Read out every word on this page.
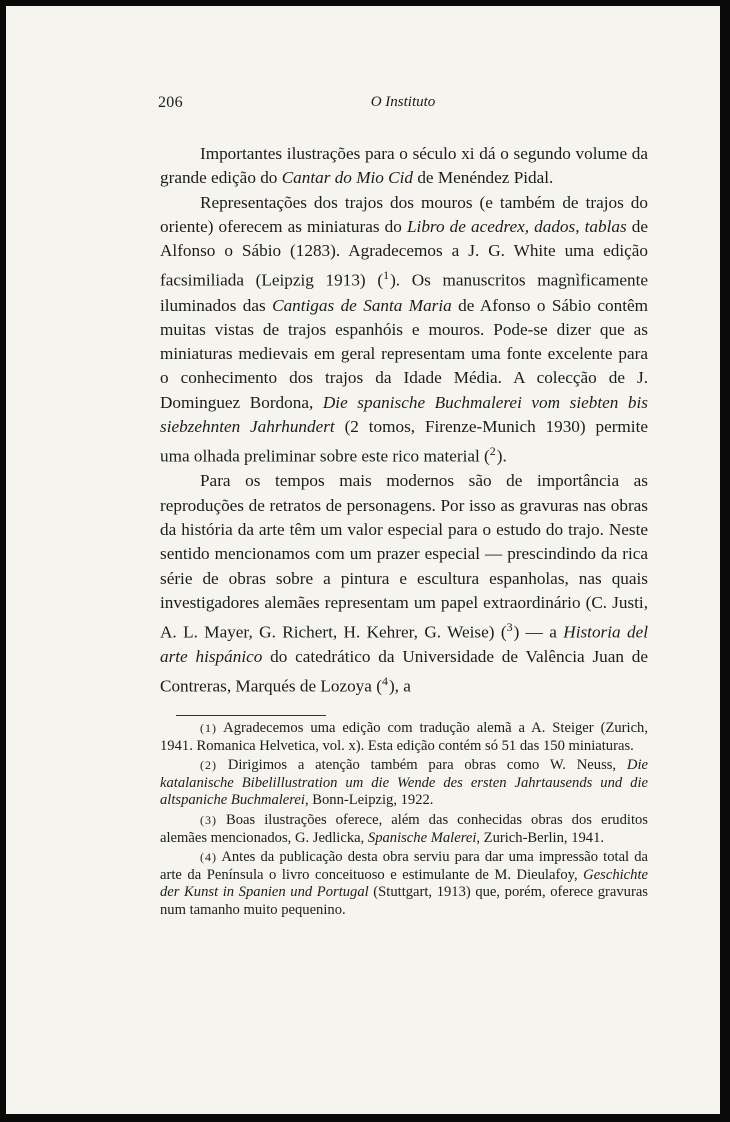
206	O Instituto

Importantes ilustrações para o século xi dá o segundo volume da grande edição do Cantar do Mio Cid de Menéndez Pidal.

Representações dos trajos dos mouros (e também de trajos do oriente) oferecem as miniaturas do Libro de acedrex, dados, tablas de Alfonso o Sábio (1283). Agradecemos a J. G. White uma edição facsimiliada (Leipzig 1913) ($^1$). Os manuscritos magnìficamente iluminados das Cantigas de Santa Maria de Afonso o Sábio contêm muitas vistas de trajos espanhóis e mouros. Pode-se dizer que as miniaturas medievais em geral representam uma fonte excelente para o conhecimento dos trajos da Idade Média. A colecção de J. Dominguez Bordona, Die spanische Buchmalerei vom siebten bis siebzehnten Jahrhundert (2 tomos, Firenze-Munich 1930) permite uma olhada preliminar sobre este rico material ($^2$).

Para os tempos mais modernos são de importância as reproduções de retratos de personagens. Por isso as gravuras nas obras da história da arte têm um valor especial para o estudo do trajo. Neste sentido mencionamos com um prazer especial — prescindindo da rica série de obras sobre a pintura e escultura espanholas, nas quais investigadores alemães representam um papel extraordinário (C. Justi, A. L. Mayer, G. Richert, H. Kehrer, G. Weise) ($^3$) — a Historia del arte hispánico do catedrático da Universidade de Valência Juan de Contreras, Marqués de Lozoya ($^4$), a

(1) Agradecemos uma edição com tradução alemã a A. Steiger (Zurich, 1941. Romanica Helvetica, vol. x). Esta edição contém só 51 das 150 miniaturas.

(2) Dirigimos a atenção também para obras como W. Neuss, Die katalanische Bibelillustration um die Wende des ersten Jahrtausends und die altspaniche Buchmalerei, Bonn-Leipzig, 1922.

(3) Boas ilustrações oferece, além das conhecidas obras dos eruditos alemães mencionados, G. Jedlicka, Spanische Malerei, Zurich-Berlin, 1941.

(4) Antes da publicação desta obra serviu para dar uma impressão total da arte da Península o livro conceituoso e estimulante de M. Dieulafoy, Geschichte der Kunst in Spanien und Portugal (Stuttgart, 1913) que, porém, oferece gravuras num tamanho muito pequenino.
